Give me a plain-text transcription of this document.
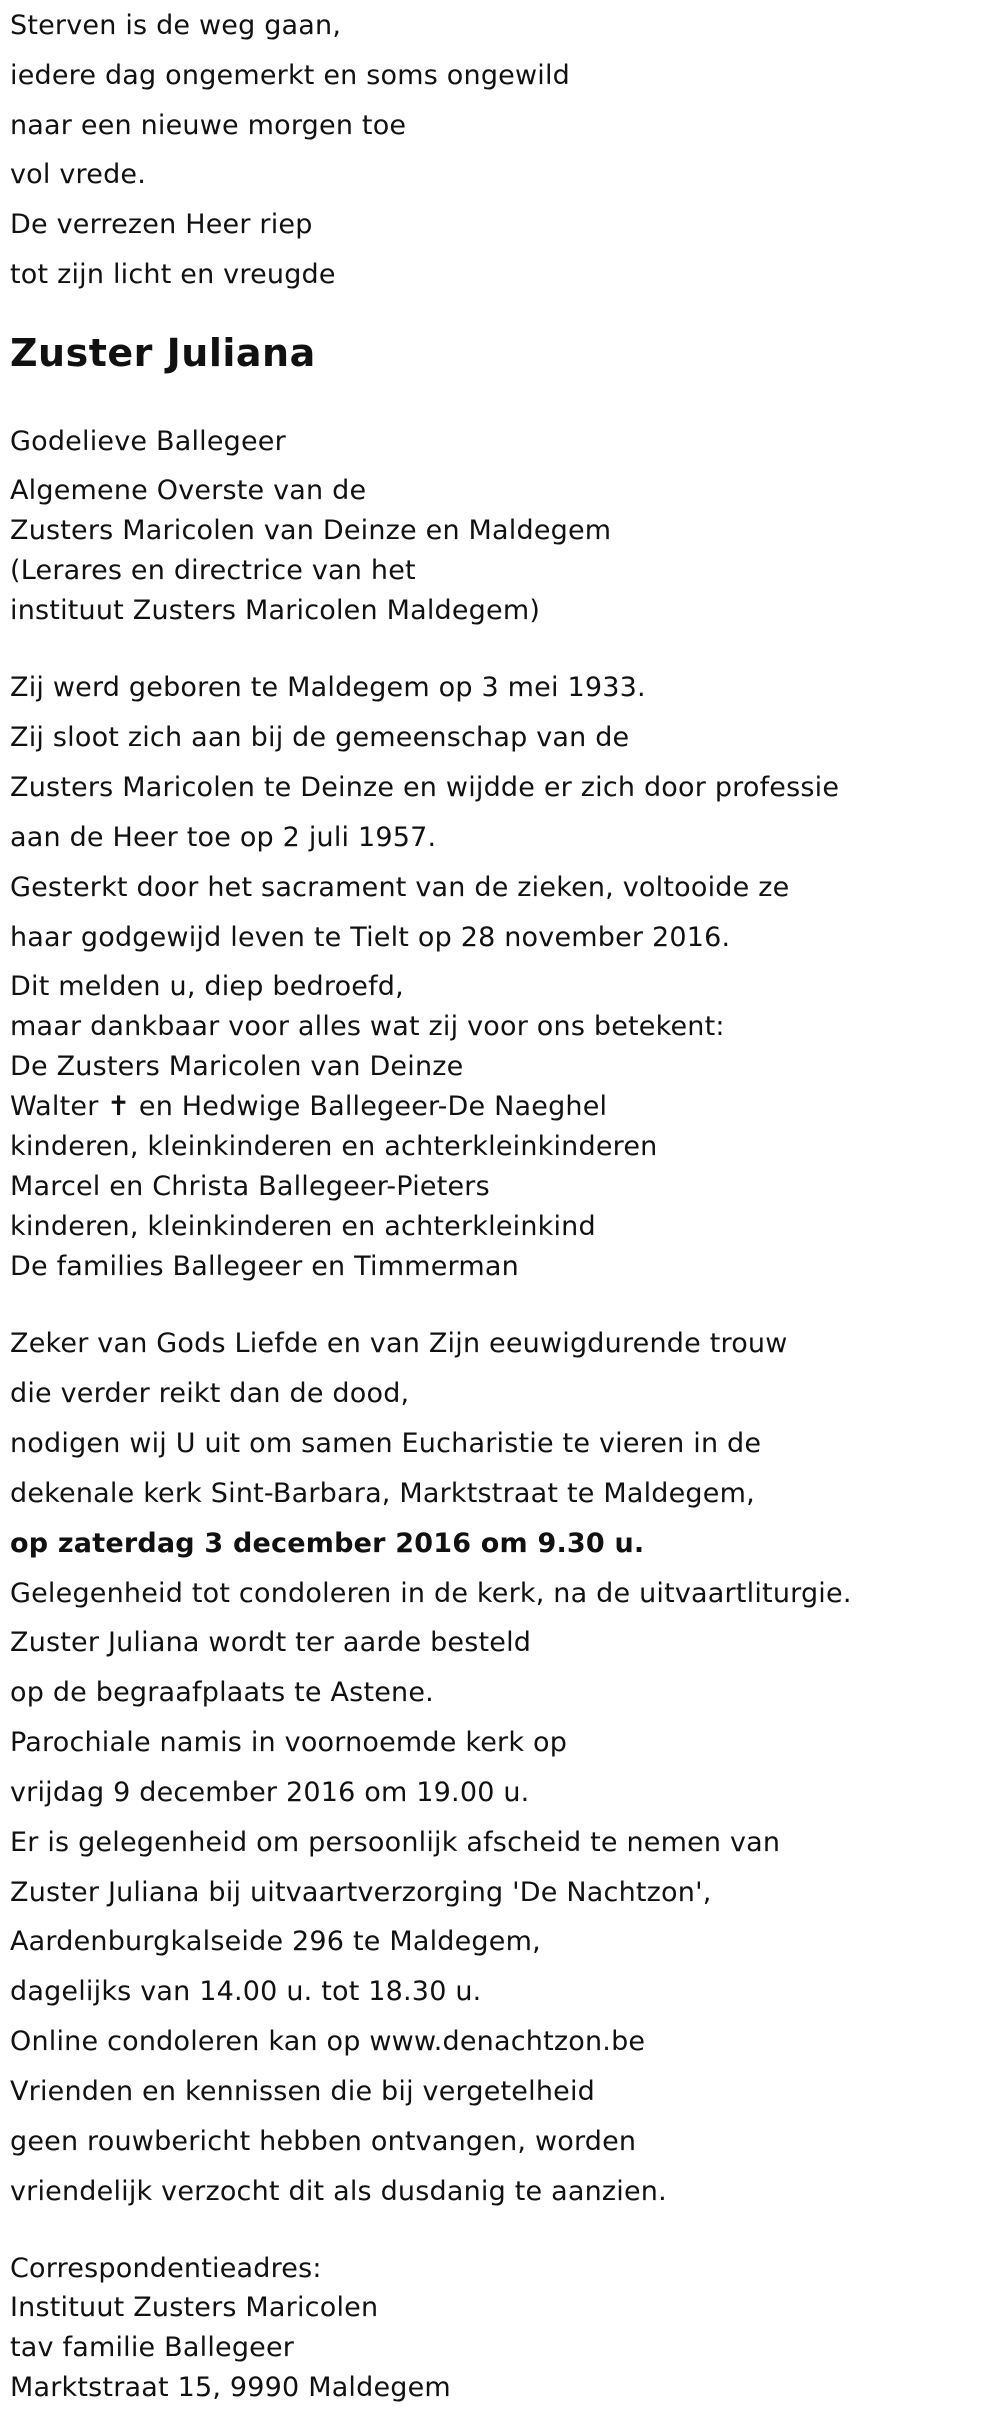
Sterven is de weg gaan,
iedere dag ongemerkt en soms ongewild
naar een nieuwe morgen toe
vol vrede.
De verrezen Heer riep
tot zijn licht en vreugde
Zuster Juliana
Godelieve Ballegeer
Algemene Overste van de
Zusters Maricolen van Deinze en Maldegem
(Lerares en directrice van het
instituut Zusters Maricolen Maldegem)
Zij werd geboren te Maldegem op 3 mei 1933.
Zij sloot zich aan bij de gemeenschap van de
Zusters Maricolen te Deinze en wijdde er zich door professie
aan de Heer toe op 2 juli 1957.
Gesterkt door het sacrament van de zieken, voltooide ze
haar godgewijd leven te Tielt op 28 november 2016.
Dit melden u, diep bedroefd,
maar dankbaar voor alles wat zij voor ons betekent:
De Zusters Maricolen van Deinze
Walter ✝ en Hedwige Ballegeer-De Naeghel
kinderen, kleinkinderen en achterkleinkinderen
Marcel en Christa Ballegeer-Pieters
kinderen, kleinkinderen en achterkleinkind
De families Ballegeer en Timmerman
Zeker van Gods Liefde en van Zijn eeuwigdurende trouw
die verder reikt dan de dood,
nodigen wij U uit om samen Eucharistie te vieren in de
dekenale kerk Sint-Barbara, Marktstraat te Maldegem,
op zaterdag 3 december 2016 om 9.30 u.
Gelegenheid tot condoleren in de kerk, na de uitvaartliturgie.
Zuster Juliana wordt ter aarde besteld
op de begraafplaats te Astene.
Parochiale namis in voornoemde kerk op
vrijdag 9 december 2016 om 19.00 u.
Er is gelegenheid om persoonlijk afscheid te nemen van
Zuster Juliana bij uitvaartverzorging 'De Nachtzon',
Aardenburgkalseide 296 te Maldegem,
dagelijks van 14.00 u. tot 18.30 u.
Online condoleren kan op www.denachtzon.be
Vrienden en kennissen die bij vergetelheid
geen rouwbericht hebben ontvangen, worden
vriendelijk verzocht dit als dusdanig te aanzien.
Correspondentieadres:
Instituut Zusters Maricolen
tav familie Ballegeer
Marktstraat 15, 9990 Maldegem
